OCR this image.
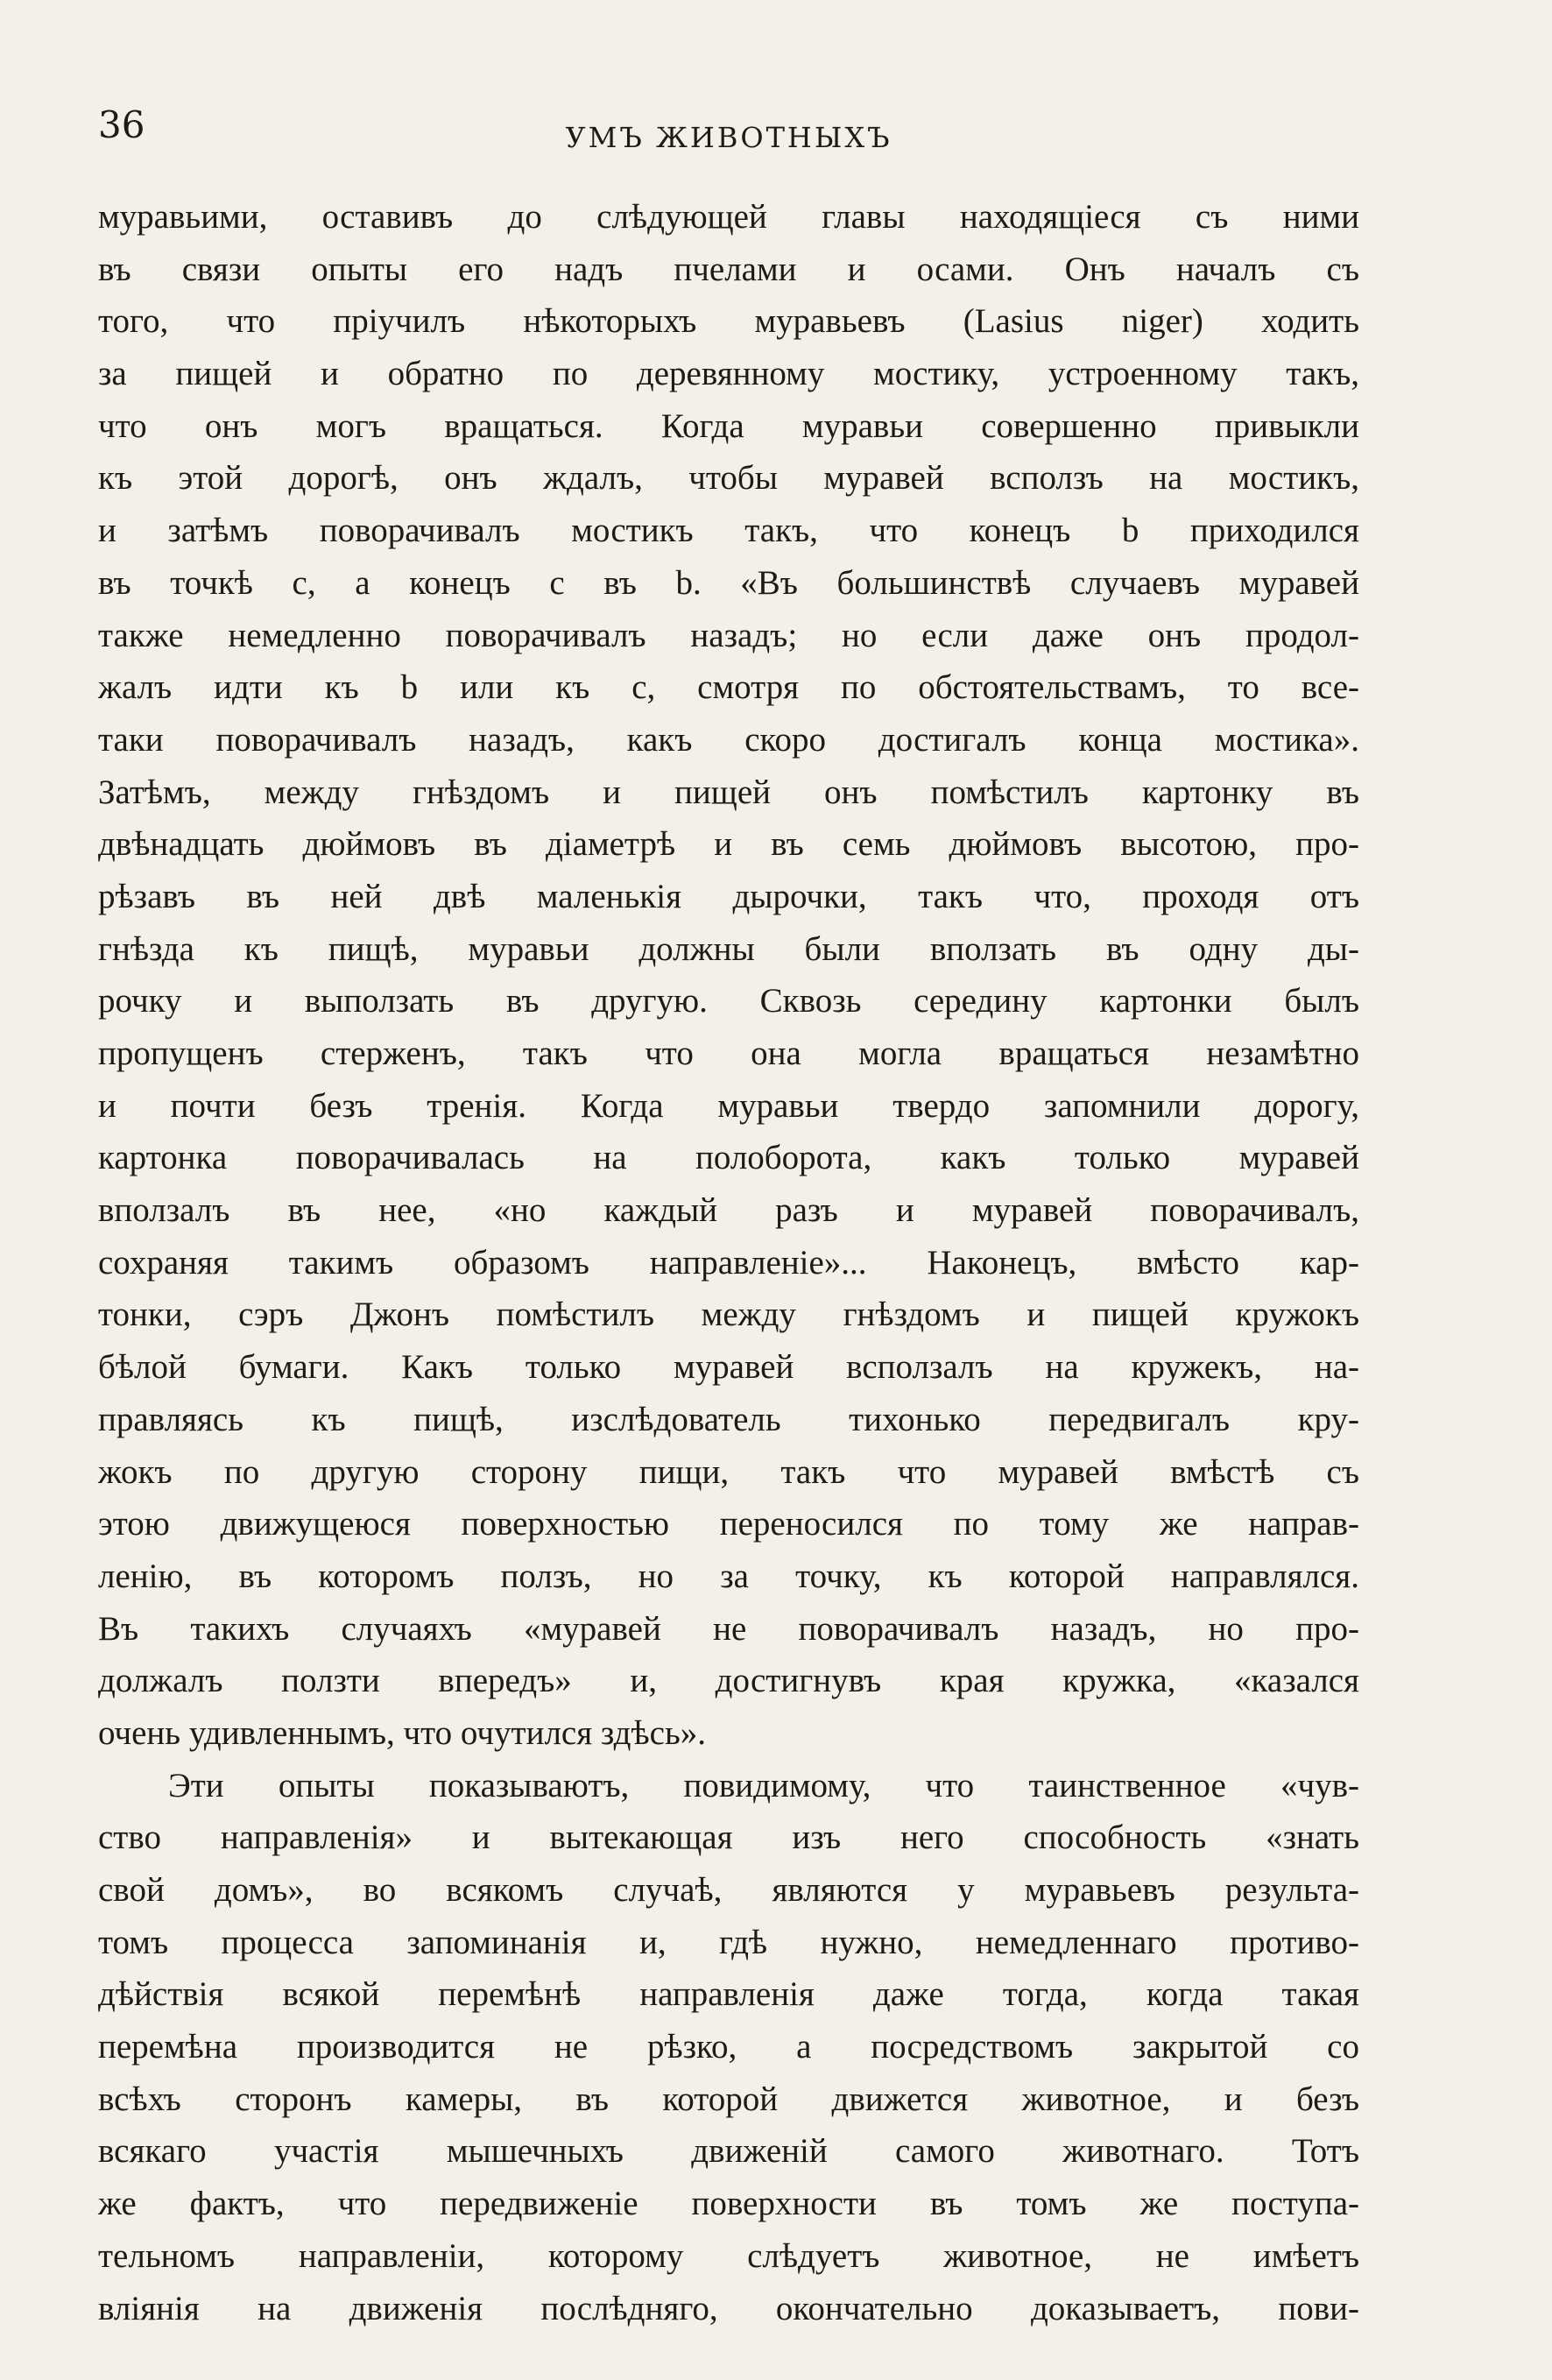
36	УМЪ ЖИВОТНЫХЪ
муравьими, оставивъ до слѣдующей главы находящіеся съ ними
въ связи опыты его надъ пчелами и осами. Онъ началъ съ
того, что пріучилъ нѣкоторыхъ муравьевъ (Lasius niger) ходить
за пищей и обратно по деревянному мостику, устроенному такъ,
что онъ могъ вращаться. Когда муравьи совершенно привыкли
къ этой дорогѣ, онъ ждалъ, чтобы муравей всползъ на мостикъ,
и затѣмъ поворачивалъ мостикъ такъ, что конецъ b приходился
въ точкѣ с, а конецъ с въ b. «Въ большинствѣ случаевъ муравей
также немедленно поворачивалъ назадъ; но если даже онъ продол-
жалъ идти къ b или къ с, смотря по обстоятельствамъ, то все-
таки поворачивалъ назадъ, какъ скоро достигалъ конца мостика».
Затѣмъ, между гнѣздомъ и пищей онъ помѣстилъ картонку въ
двѣнадцать дюймовъ въ діаметрѣ и въ семь дюймовъ высотою, про-
рѣзавъ въ ней двѣ маленькія дырочки, такъ что, проходя отъ
гнѣзда къ пищѣ, муравьи должны были вползать въ одну ды-
рочку и выползать въ другую. Сквозь середину картонки былъ
пропущенъ стерженъ, такъ что она могла вращаться незамѣтно
и почти безъ тренія. Когда муравьи твердо запомнили дорогу,
картонка поворачивалась на полоборота, какъ только муравей
вползалъ въ нее, «но каждый разъ и муравей поворачивалъ,
сохраняя такимъ образомъ направленіе»... Наконецъ, вмѣсто кар-
тонки, сэръ Джонъ помѣстилъ между гнѣздомъ и пищей кружокъ
бѣлой бумаги. Какъ только муравей всползалъ на кружекъ, на-
правляясь къ пищѣ, изслѣдователь тихонько передвигалъ кру-
жокъ по другую сторону пищи, такъ что муравей вмѣстѣ съ
этою движущеюся поверхностью переносился по тому же направ-
ленію, въ которомъ ползъ, но за точку, къ которой направлялся.
Въ такихъ случаяхъ «муравей не поворачивалъ назадъ, но про-
должалъ ползти впередъ» и, достигнувъ края кружка, «казался
очень удивленнымъ, что очутился здѣсь».
Эти опыты показываютъ, повидимому, что таинственное «чув-
ство направленія» и вытекающая изъ него способность «знать
свой домъ», во всякомъ случаѣ, являются у муравьевъ результа-
томъ процесса запоминанія и, гдѣ нужно, немедленнаго противо-
дѣйствія всякой перемѣнѣ направленія даже тогда, когда такая
перемѣна производится не рѣзко, а посредствомъ закрытой со
всѣхъ сторонъ камеры, въ которой движется животное, и безъ
всякаго участія мышечныхъ движеній самого животнаго. Тотъ
же фактъ, что передвиженіе поверхности въ томъ же поступа-
тельномъ направленіи, которому слѣдуетъ животное, не имѣетъ
вліянія на движенія послѣдняго, окончательно доказываетъ, пови-
